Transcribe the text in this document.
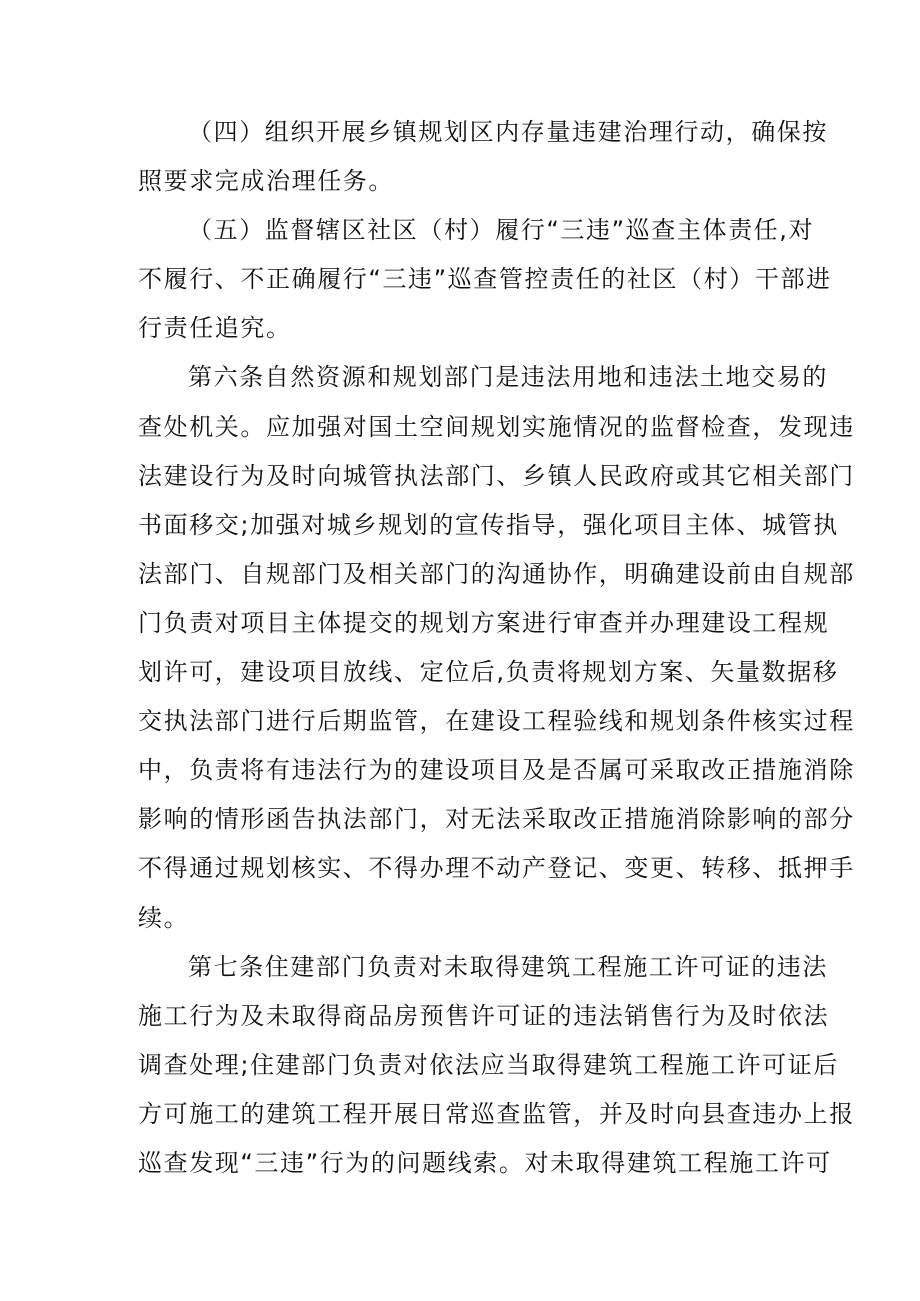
（四）组织开展乡镇规划区内存量违建治理行动，确保按
照要求完成治理任务。
（五）监督辖区社区（村）履行“三违”巡查主体责任,对
不履行、不正确履行“三违”巡查管控责任的社区（村）干部进
行责任追究。
第六条自然资源和规划部门是违法用地和违法土地交易的
查处机关。应加强对国土空间规划实施情况的监督检查，发现违
法建设行为及时向城管执法部门、乡镇人民政府或其它相关部门
书面移交;加强对城乡规划的宣传指导，强化项目主体、城管执
法部门、自规部门及相关部门的沟通协作，明确建设前由自规部
门负责对项目主体提交的规划方案进行审查并办理建设工程规
划许可，建设项目放线、定位后,负责将规划方案、矢量数据移
交执法部门进行后期监管，在建设工程验线和规划条件核实过程
中，负责将有违法行为的建设项目及是否属可采取改正措施消除
影响的情形函告执法部门，对无法采取改正措施消除影响的部分
不得通过规划核实、不得办理不动产登记、变更、转移、抵押手
续。
第七条住建部门负责对未取得建筑工程施工许可证的违法
施工行为及未取得商品房预售许可证的违法销售行为及时依法
调查处理;住建部门负责对依法应当取得建筑工程施工许可证后
方可施工的建筑工程开展日常巡查监管，并及时向县查违办上报
巡查发现“三违”行为的问题线索。对未取得建筑工程施工许可
